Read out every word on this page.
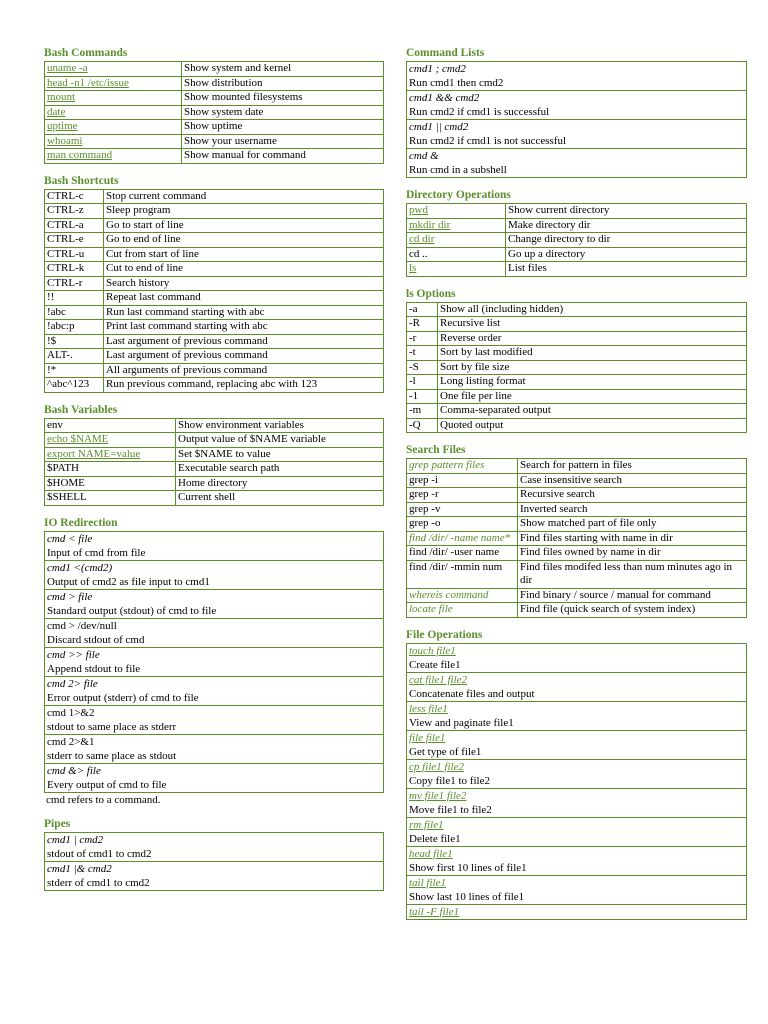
Bash Commands
uname -a	Show system and kernel
head -n1 /etc/issue	Show distribution
mount	Show mounted filesystems
date	Show system date
uptime	Show uptime
whoami	Show your username
man command	Show manual for command
Bash Shortcuts
CTRL-c	Stop current command
CTRL-z	Sleep program
CTRL-a	Go to start of line
CTRL-e	Go to end of line
CTRL-u	Cut from start of line
CTRL-k	Cut to end of line
CTRL-r	Search history
!!	Repeat last command
!abc	Run last command starting with abc
!abc:p	Print last command starting with abc
!$	Last argument of previous command
ALT-.	Last argument of previous command
!*	All arguments of previous command
^abc^123	Run previous command, replacing abc with 123
Bash Variables
env	Show environment variables
echo $NAME	Output value of $NAME variable
export NAME=value	Set $NAME to value
$PATH	Executable search path
$HOME	Home directory
$SHELL	Current shell
IO Redirection
cmd < file
Input of cmd from file
cmd1 <(cmd2)
Output of cmd2 as file input to cmd1
cmd > file
Standard output (stdout) of cmd to file
cmd > /dev/null
Discard stdout of cmd
cmd >> file
Append stdout to file
cmd 2> file
Error output (stderr) of cmd to file
cmd 1>&2
stdout to same place as stderr
cmd 2>&1
stderr to same place as stdout
cmd &> file
Every output of cmd to file
cmd refers to a command.
Pipes
cmd1 | cmd2
stdout of cmd1 to cmd2
cmd1 |& cmd2
stderr of cmd1 to cmd2
Command Lists
cmd1 ; cmd2
Run cmd1 then cmd2
cmd1 && cmd2
Run cmd2 if cmd1 is successful
cmd1 || cmd2
Run cmd2 if cmd1 is not successful
cmd &
Run cmd in a subshell
Directory Operations
pwd	Show current directory
mkdir dir	Make directory dir
cd dir	Change directory to dir
cd ..	Go up a directory
ls	List files
ls Options
-a	Show all (including hidden)
-R	Recursive list
-r	Reverse order
-t	Sort by last modified
-S	Sort by file size
-l	Long listing format
-1	One file per line
-m	Comma-separated output
-Q	Quoted output
Search Files
grep pattern files	Search for pattern in files
grep -i	Case insensitive search
grep -r	Recursive search
grep -v	Inverted search
grep -o	Show matched part of file only
find /dir/ -name name*	Find files starting with name in dir
find /dir/ -user name	Find files owned by name in dir
find /dir/ -mmin num	Find files modifed less than num minutes ago in dir
whereis command	Find binary / source / manual for command
locate file	Find file (quick search of system index)
File Operations
touch file1
Create file1
cat file1 file2
Concatenate files and output
less file1
View and paginate file1
file file1
Get type of file1
cp file1 file2
Copy file1 to file2
mv file1 file2
Move file1 to file2
rm file1
Delete file1
head file1
Show first 10 lines of file1
tail file1
Show last 10 lines of file1
tail -F file1
